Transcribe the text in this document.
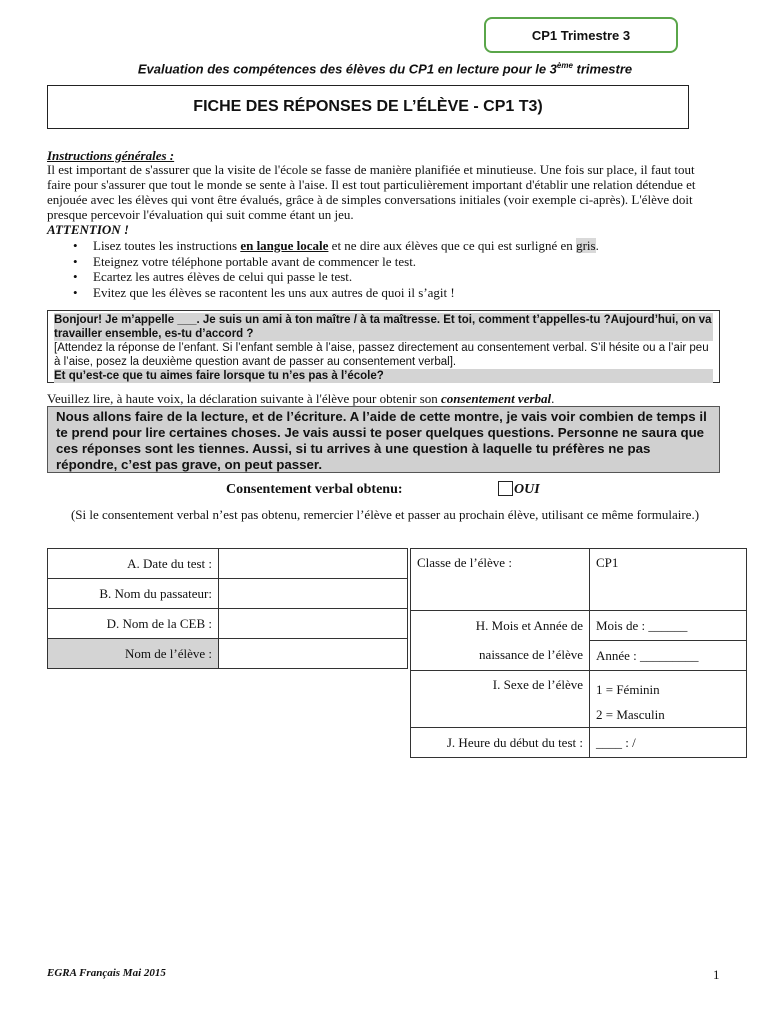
CP1 Trimestre 3
Evaluation des compétences des élèves du CP1 en lecture pour le 3ème trimestre
FICHE DES RÉPONSES DE L’ÉLÈVE - CP1 T3)
Instructions générales :
Il est important de s'assurer que la visite de l'école se fasse de manière planifiée et minutieuse. Une fois sur place, il faut tout faire pour s'assurer que tout le monde se sente à l'aise. Il est tout particulièrement important d'établir une relation détendue et enjouée avec les élèves qui vont être évalués, grâce à de simples conversations initiales (voir exemple ci-après). L'élève doit presque percevoir l'évaluation qui suit comme étant un jeu.
ATTENTION !
• Lisez toutes les instructions en langue locale et ne dire aux élèves que ce qui est surligné en gris.
• Eteignez votre téléphone portable avant de commencer le test.
• Ecartez les autres élèves de celui qui passe le test.
• Evitez que les élèves se racontent les uns aux autres de quoi il s’agit !
Bonjour! Je m’appelle ___. Je suis un ami à ton maître / à ta maîtresse. Et toi, comment t’appelles-tu ?Aujourd’hui, on va travailler ensemble, es-tu d’accord ?
[Attendez la réponse de l’enfant. Si l’enfant semble à l’aise, passez directement au consentement verbal. S’il hésite ou a l’air peu à l’aise, posez la deuxième question avant de passer au consentement verbal].
Et qu’est-ce que tu aimes faire lorsque tu n’es pas à l’école?
Veuillez lire, à haute voix, la déclaration suivante à l'élève pour obtenir son consentement verbal.
Nous allons faire de la lecture, et de l’écriture. A l’aide de cette montre, je vais voir combien de temps il te prend pour lire certaines choses. Je vais aussi te poser quelques questions. Personne ne saura que ces réponses sont les tiennes. Aussi, si tu arrives à une question à laquelle tu préfères ne pas répondre, c’est pas grave, on peut passer.
Consentement verbal obtenu:	OUI
(Si le consentement verbal n’est pas obtenu, remercier l’élève et passer au prochain élève, utilisant ce même formulaire.)
A. Date du test :	
B. Nom du passateur:	
D. Nom de la CEB :	
Nom de l’élève :	
Classe de l’élève :	CP1
H. Mois et Année de	Mois de : ______
naissance de l’élève	Année : _________
I. Sexe de l’élève	1 = Féminin
2 = Masculin

J. Heure du début du test :	____ : /
EGRA Français Mai 2015	1
